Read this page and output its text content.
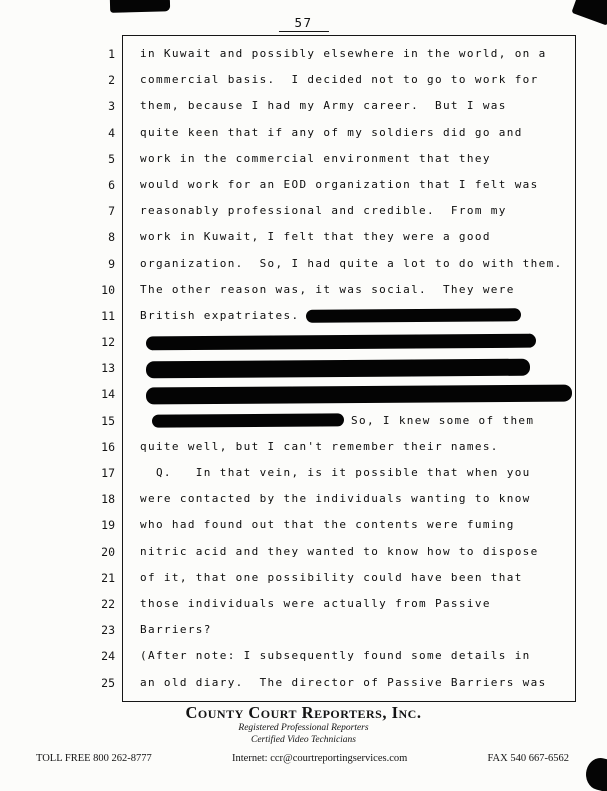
57
1 in Kuwait and possibly elsewhere in the world, on a
2 commercial basis.  I decided not to go to work for
3 them, because I had my Army career.  But I was
4 quite keen that if any of my soldiers did go and
5 work in the commercial environment that they
6 would work for an EOD organization that I felt was
7 reasonably professional and credible.  From my
8 work in Kuwait, I felt that they were a good
9 organization.  So, I had quite a lot to do with them.
10 The other reason was, it was social.  They were
11 British expatriates.
12
13
14
15	So, I knew some of them
16 quite well, but I can't remember their names.
17 Q.   In that vein, is it possible that when you
18 were contacted by the individuals wanting to know
19 who had found out that the contents were fuming
20 nitric acid and they wanted to know how to dispose
21 of it, that one possibility could have been that
22 those individuals were actually from Passive
23 Barriers?
24 (After note: I subsequently found some details in
25 an old diary.  The director of Passive Barriers was
County Court Reporters, Inc.
Registered Professional Reporters
Certified Video Technicians
TOLL FREE 800 262-8777	Internet: ccr@courtreportingservices.com	FAX 540 667-6562
